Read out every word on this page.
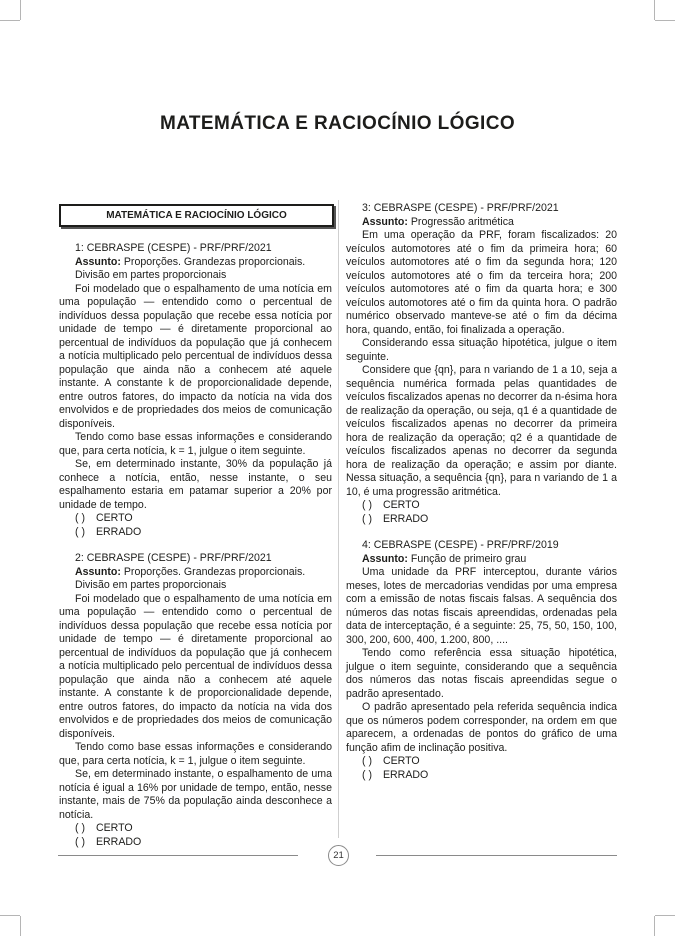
MATEMÁTICA E RACIOCÍNIO LÓGICO
MATEMÁTICA E RACIOCÍNIO LÓGICO
1: CEBRASPE (CESPE) - PRF/PRF/2021
Assunto: Proporções. Grandezas proporcionais. Divisão em partes proporcionais

Foi modelado que o espalhamento de uma notícia em uma população — entendido como o percentual de indivíduos dessa população que recebe essa notícia por unidade de tempo — é diretamente proporcional ao percentual de indivíduos da população que já conhecem a notícia multiplicado pelo percentual de indivíduos dessa população que ainda não a conhecem até aquele instante. A constante k de proporcionalidade depende, entre outros fatores, do impacto da notícia na vida dos envolvidos e de propriedades dos meios de comunicação disponíveis.

Tendo como base essas informações e considerando que, para certa notícia, k = 1, julgue o item seguinte.

Se, em determinado instante, 30% da população já conhece a notícia, então, nesse instante, o seu espalhamento estaria em patamar superior a 20% por unidade de tempo.

( ) CERTO
( ) ERRADO
2: CEBRASPE (CESPE) - PRF/PRF/2021
Assunto: Proporções. Grandezas proporcionais. Divisão em partes proporcionais

Foi modelado que o espalhamento de uma notícia em uma população — entendido como o percentual de indivíduos dessa população que recebe essa notícia por unidade de tempo — é diretamente proporcional ao percentual de indivíduos da população que já conhecem a notícia multiplicado pelo percentual de indivíduos dessa população que ainda não a conhecem até aquele instante. A constante k de proporcionalidade depende, entre outros fatores, do impacto da notícia na vida dos envolvidos e de propriedades dos meios de comunicação disponíveis.

Tendo como base essas informações e considerando que, para certa notícia, k = 1, julgue o item seguinte.

Se, em determinado instante, o espalhamento de uma notícia é igual a 16% por unidade de tempo, então, nesse instante, mais de 75% da população ainda desconhece a notícia.

( ) CERTO
( ) ERRADO
3: CEBRASPE (CESPE) - PRF/PRF/2021
Assunto: Progressão aritmética

Em uma operação da PRF, foram fiscalizados: 20 veículos automotores até o fim da primeira hora; 60 veículos automotores até o fim da segunda hora; 120 veículos automotores até o fim da terceira hora; 200 veículos automotores até o fim da quarta hora; e 300 veículos automotores até o fim da quinta hora. O padrão numérico observado manteve-se até o fim da décima hora, quando, então, foi finalizada a operação.

Considerando essa situação hipotética, julgue o item seguinte.

Considere que {qn}, para n variando de 1 a 10, seja a sequência numérica formada pelas quantidades de veículos fiscalizados apenas no decorrer da n-ésima hora de realização da operação, ou seja, q1 é a quantidade de veículos fiscalizados apenas no decorrer da primeira hora de realização da operação; q2 é a quantidade de veículos fiscalizados apenas no decorrer da segunda hora de realização da operação; e assim por diante. Nessa situação, a sequência {qn}, para n variando de 1 a 10, é uma progressão aritmética.

( ) CERTO
( ) ERRADO
4: CEBRASPE (CESPE) - PRF/PRF/2019
Assunto: Função de primeiro grau

Uma unidade da PRF interceptou, durante vários meses, lotes de mercadorias vendidas por uma empresa com a emissão de notas fiscais falsas. A sequência dos números das notas fiscais apreendidas, ordenadas pela data de interceptação, é a seguinte: 25, 75, 50, 150, 100, 300, 200, 600, 400, 1.200, 800, ....

Tendo como referência essa situação hipotética, julgue o item seguinte, considerando que a sequência dos números das notas fiscais apreendidas segue o padrão apresentado.

O padrão apresentado pela referida sequência indica que os números podem corresponder, na ordem em que aparecem, a ordenadas de pontos do gráfico de uma função afim de inclinação positiva.

( ) CERTO
( ) ERRADO
21
